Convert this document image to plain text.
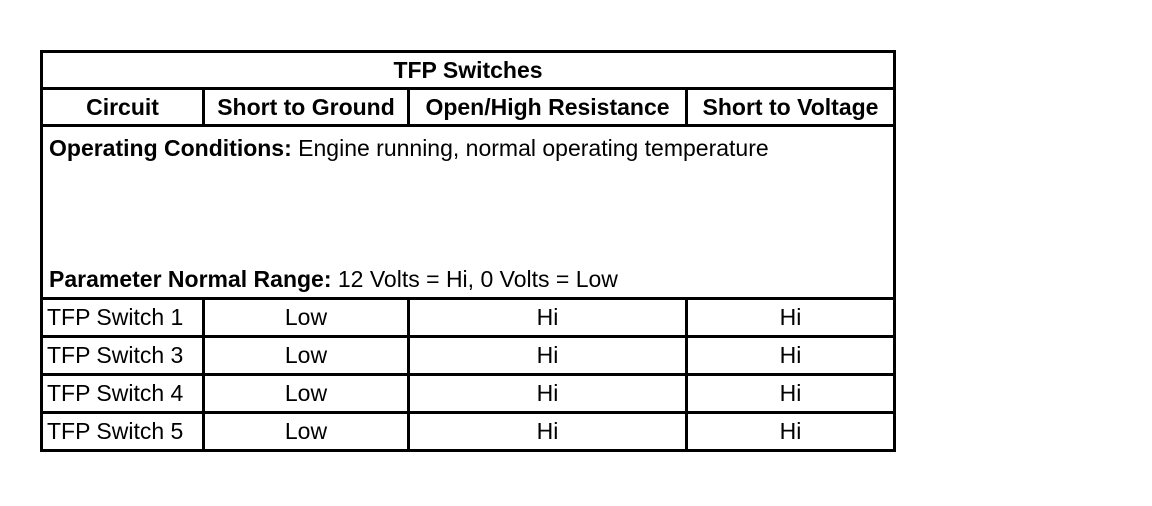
TFP Switches			
Circuit	Short to Ground	Open/High Resistance	Short to Voltage

Operating Conditions: Engine running, normal operating temperature
Parameter Normal Range: 12 Volts = Hi, 0 Volts = Low			

TFP Switch 1	Low	Hi	Hi
TFP Switch 3	Low	Hi	Hi
TFP Switch 4	Low	Hi	Hi
TFP Switch 5	Low	Hi	Hi
